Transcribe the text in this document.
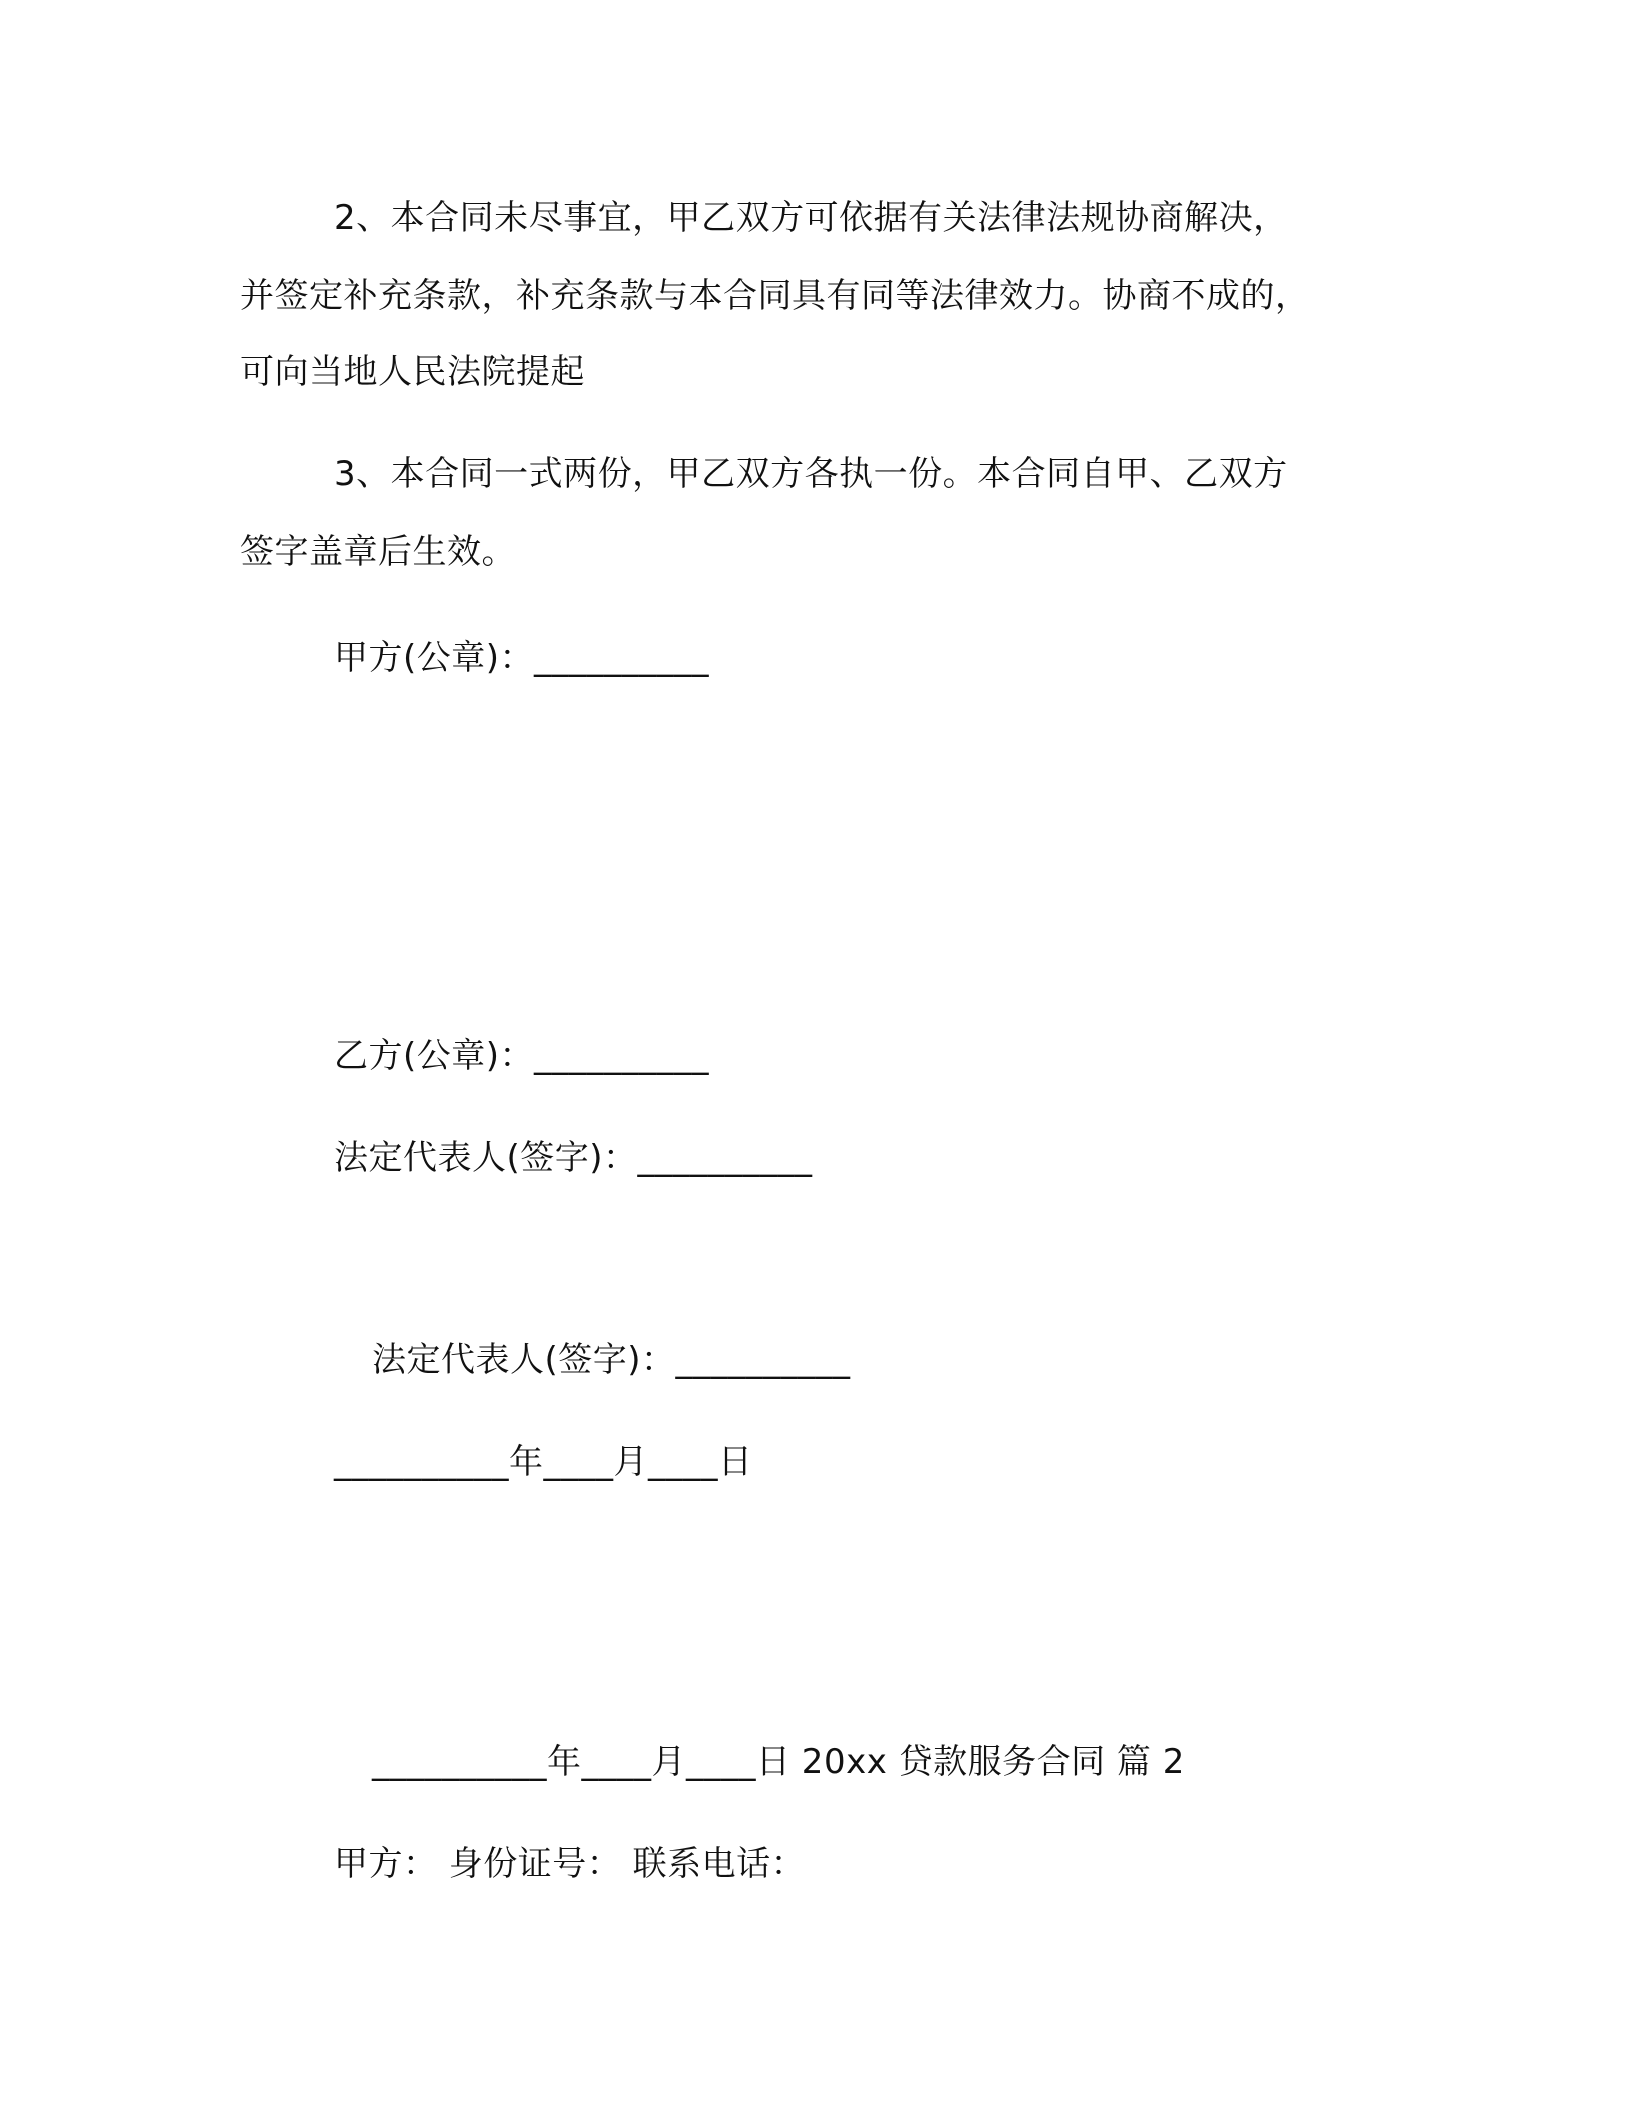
2、本合同未尽事宜，甲乙双方可依据有关法律法规协商解决，
并签定补充条款，补充条款与本合同具有同等法律效力。协商不成的，
可向当地人民法院提起
3、本合同一式两份，甲乙双方各执一份。本合同自甲、乙双方
签字盖章后生效。
甲方(公章)：__________
乙方(公章)：__________
法定代表人(签字)：__________
法定代表人(签字)：__________
__________年____月____日
__________年____月____日 20xx 贷款服务合同 篇 2
甲方： 身份证号： 联系电话：
